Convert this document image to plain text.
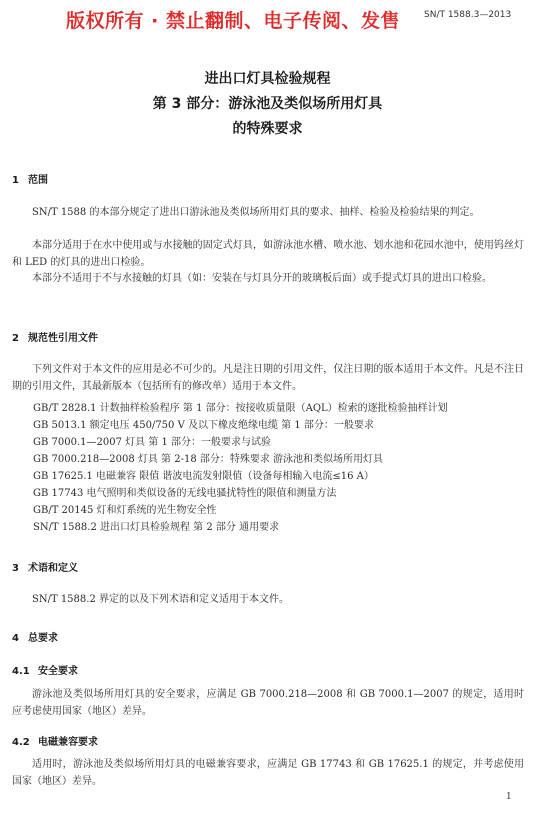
版权所有 · 禁止翻制、电子传阅、发售	SN/T 1588.3—2013
进出口灯具检验规程
第 3 部分：游泳池及类似场所用灯具
的特殊要求
1 范围
SN/T 1588 的本部分规定了进出口游泳池及类似场所用灯具的要求、抽样、检验及检验结果的判定。
本部分适用于在水中使用或与水接触的固定式灯具，如游泳池水槽、喷水池、划水池和花园水池中，使用钨丝灯和 LED 的灯具的进出口检验。
本部分不适用于不与水接触的灯具（如：安装在与灯具分开的玻璃板后面）或手提式灯具的进出口检验。
2 规范性引用文件
下列文件对于本文件的应用是必不可少的。凡是注日期的引用文件，仅注日期的版本适用于本文件。凡是不注日期的引用文件，其最新版本（包括所有的修改单）适用于本文件。
GB/T 2828.1 计数抽样检验程序 第 1 部分：按接收质量限（AQL）检索的逐批检验抽样计划
GB 5013.1 额定电压 450/750 V 及以下橡皮绝缘电缆 第 1 部分：一般要求
GB 7000.1—2007 灯具 第 1 部分：一般要求与试验
GB 7000.218—2008 灯具 第 2-18 部分：特殊要求 游泳池和类似场所用灯具
GB 17625.1 电磁兼容 限值 谐波电流发射限值（设备每相输入电流≤16 A）
GB 17743 电气照明和类似设备的无线电骚扰特性的限值和测量方法
GB/T 20145 灯和灯系统的光生物安全性
SN/T 1588.2 进出口灯具检验规程 第 2 部分 通用要求
3 术语和定义
SN/T 1588.2 界定的以及下列术语和定义适用于本文件。
4 总要求
4.1 安全要求
游泳池及类似场所用灯具的安全要求，应满足 GB 7000.218—2008 和 GB 7000.1—2007 的规定，适用时应考虑使用国家（地区）差异。
4.2 电磁兼容要求
适用时，游泳池及类似场所用灯具的电磁兼容要求，应满足 GB 17743 和 GB 17625.1 的规定，并考虑使用国家（地区）差异。
1
